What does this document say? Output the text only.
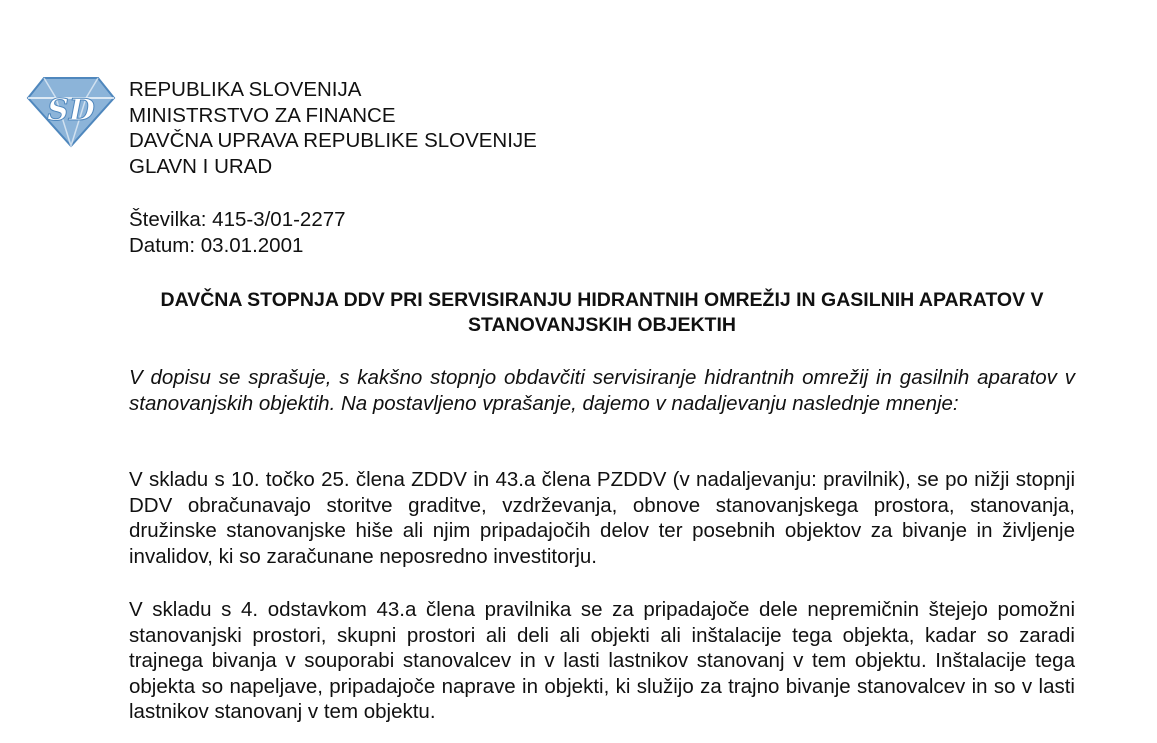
SD
REPUBLIKA SLOVENIJA
MINISTRSTVO ZA FINANCE
DAVČNA UPRAVA REPUBLIKE SLOVENIJE
GLAVN I URAD
Številka: 415-3/01-2277
Datum: 03.01.2001
DAVČNA STOPNJA DDV PRI SERVISIRANJU HIDRANTNIH OMREŽIJ IN GASILNIH APARATOV V STANOVANJSKIH OBJEKTIH
V dopisu se sprašuje, s kakšno stopnjo obdavčiti servisiranje hidrantnih omrežij in gasilnih aparatov v stanovanjskih objektih. Na postavljeno vprašanje, dajemo v nadaljevanju naslednje mnenje:
V skladu s 10. točko 25. člena ZDDV in 43.a člena PZDDV (v nadaljevanju: pravilnik), se po nižji stopnji DDV obračunavajo storitve graditve, vzdrževanja, obnove stanovanjskega prostora, stanovanja, družinske stanovanjske hiše ali njim pripadajočih delov ter posebnih objektov za bivanje in življenje invalidov, ki so zaračunane neposredno investitorju.
V skladu s 4. odstavkom 43.a člena pravilnika se za pripadajoče dele nepremičnin štejejo pomožni stanovanjski prostori, skupni prostori ali deli ali objekti ali inštalacije tega objekta, kadar so zaradi trajnega bivanja v souporabi stanovalcev in v lasti lastnikov stanovanj v tem objektu. Inštalacije tega objekta so napeljave, pripadajoče naprave in objekti, ki služijo za trajno bivanje stanovalcev in so v lasti lastnikov stanovanj v tem objektu.
